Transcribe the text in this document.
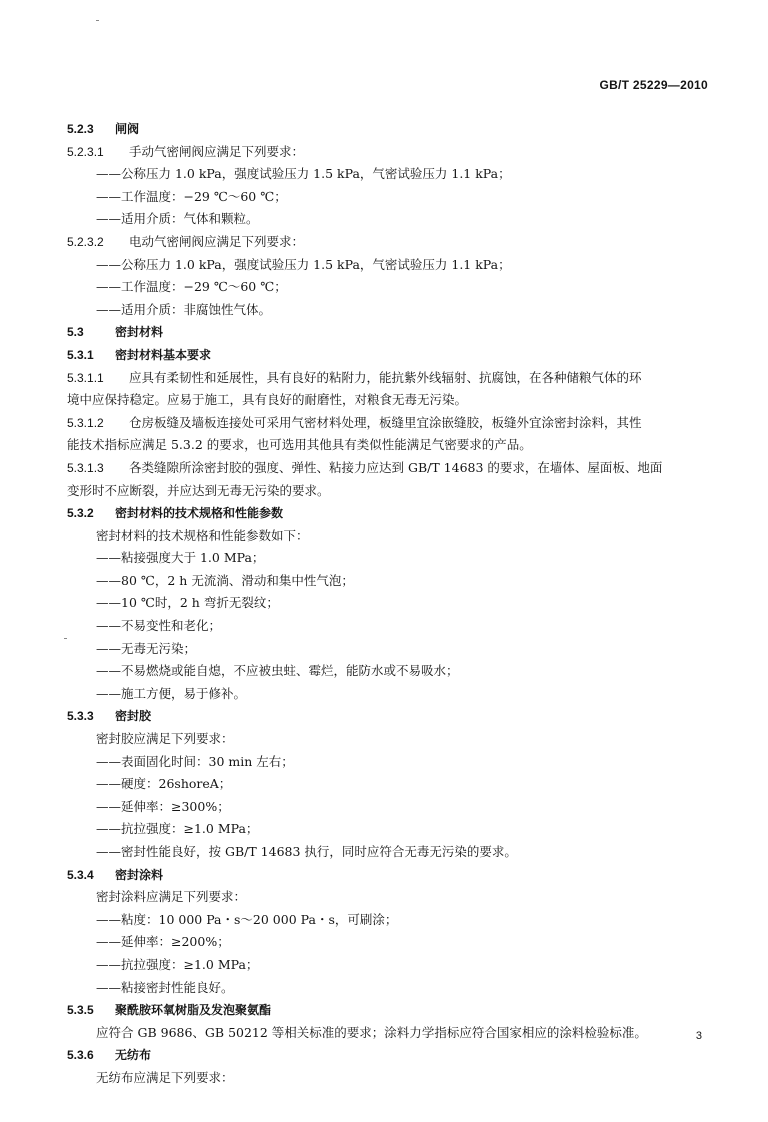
GB/T 25229—2010
5.2.3 闸阀
5.2.3.1 手动气密闸阀应满足下列要求：
——公称压力 1.0 kPa，强度试验压力 1.5 kPa，气密试验压力 1.1 kPa；
——工作温度：−29 ℃～60 ℃；
——适用介质：气体和颗粒。
5.2.3.2 电动气密闸阀应满足下列要求：
——公称压力 1.0 kPa，强度试验压力 1.5 kPa，气密试验压力 1.1 kPa；
——工作温度：−29 ℃～60 ℃；
——适用介质：非腐蚀性气体。
5.3	密封材料
5.3.1 密封材料基本要求
5.3.1.1 应具有柔韧性和延展性，具有良好的粘附力，能抗紫外线辐射、抗腐蚀，在各种储粮气体的环
境中应保持稳定。应易于施工，具有良好的耐磨性，对粮食无毒无污染。
5.3.1.2 仓房板缝及墙板连接处可采用气密材料处理，板缝里宜涂嵌缝胶，板缝外宜涂密封涂料，其性
能技术指标应满足 5.3.2 的要求，也可选用其他具有类似性能满足气密要求的产品。
5.3.1.3 各类缝隙所涂密封胶的强度、弹性、粘接力应达到 GB/T 14683 的要求，在墙体、屋面板、地面
变形时不应断裂，并应达到无毒无污染的要求。
5.3.2 密封材料的技术规格和性能参数
密封材料的技术规格和性能参数如下：
——粘接强度大于 1.0 MPa；
——80 ℃，2 h 无流淌、滑动和集中性气泡；
——10 ℃时，2 h 弯折无裂纹；
——不易变性和老化；
——无毒无污染；
——不易燃烧或能自熄，不应被虫蛀、霉烂，能防水或不易吸水；
——施工方便，易于修补。
5.3.3 密封胶
密封胶应满足下列要求：
——表面固化时间：30 min 左右；
——硬度：26shoreA；
——延伸率：≥300%；
——抗拉强度：≥1.0 MPa；
——密封性能良好，按 GB/T 14683 执行，同时应符合无毒无污染的要求。
5.3.4 密封涂料
密封涂料应满足下列要求：
——粘度：10 000 Pa・s～20 000 Pa・s，可刷涂；
——延伸率：≥200%；
——抗拉强度：≥1.0 MPa；
——粘接密封性能良好。
5.3.5 聚酰胺环氧树脂及发泡聚氨酯
应符合 GB 9686、GB 50212 等相关标准的要求；涂料力学指标应符合国家相应的涂料检验标准。
5.3.6 无纺布
无纺布应满足下列要求：
3
